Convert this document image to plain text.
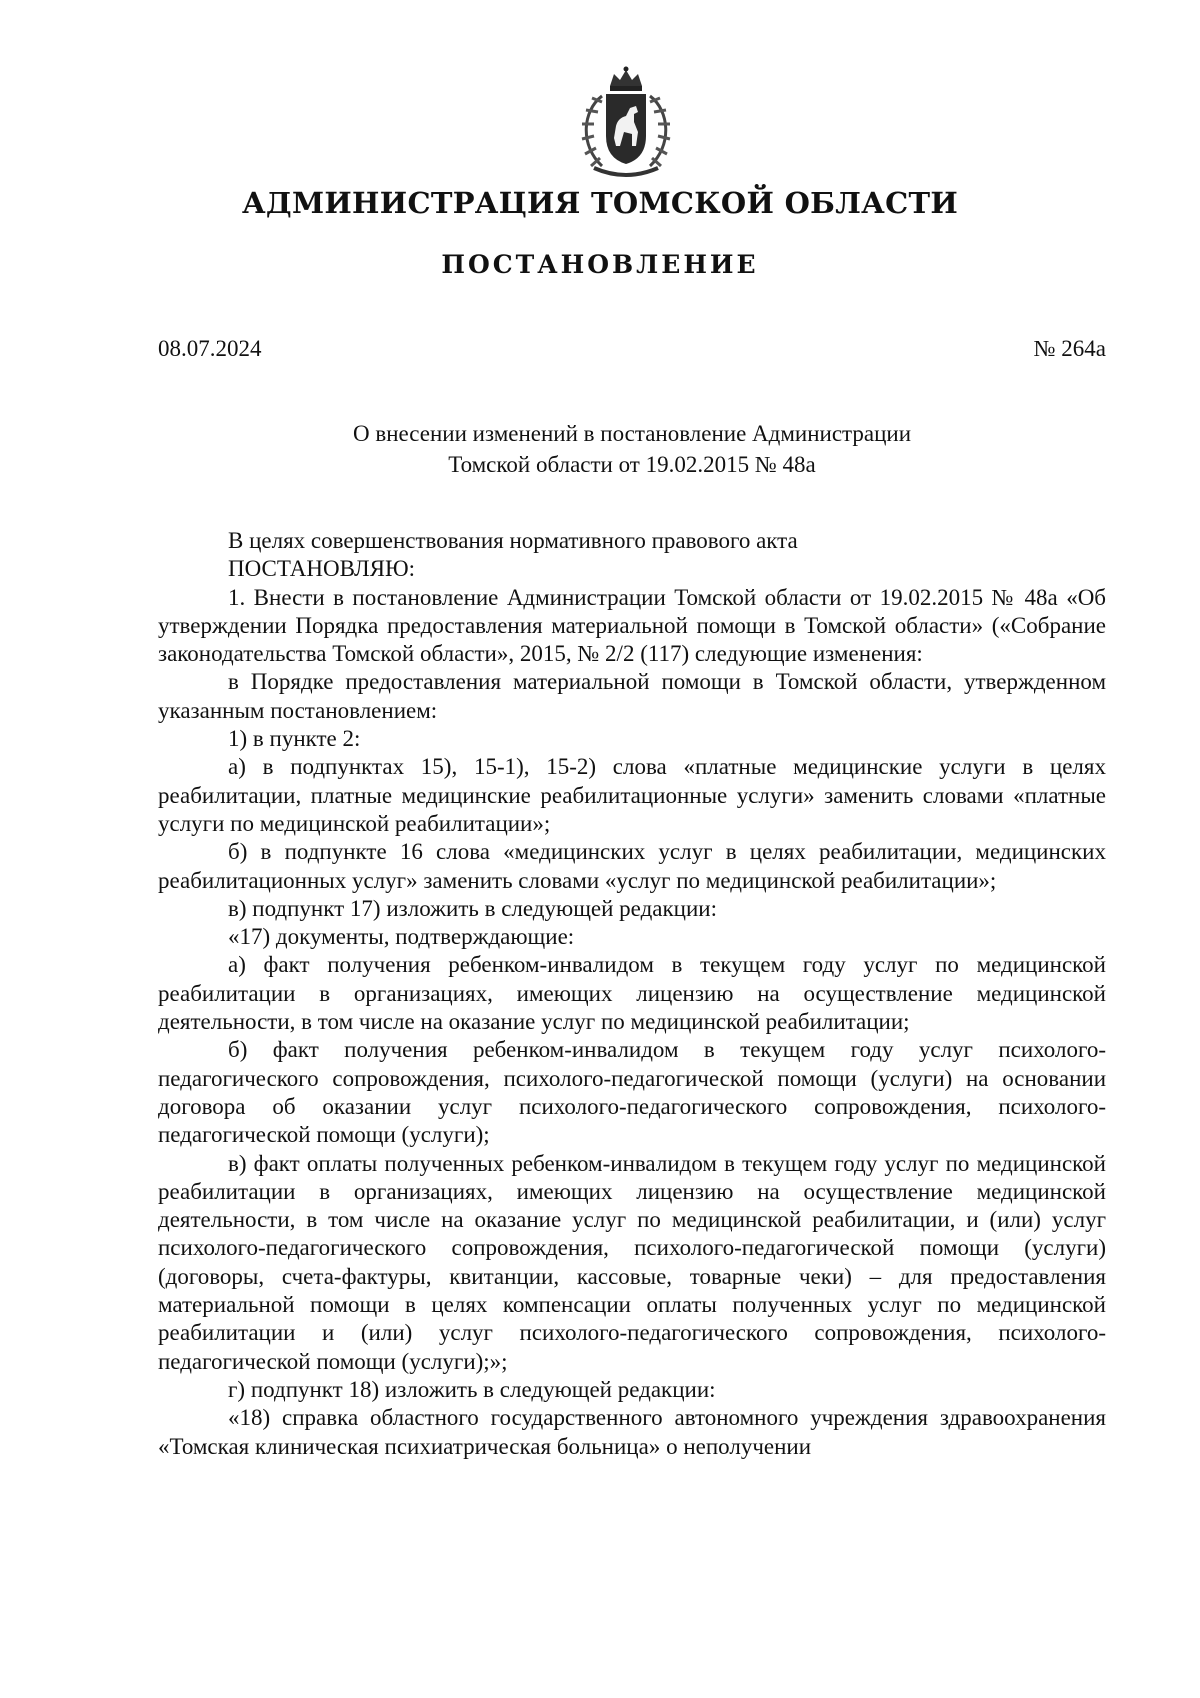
АДМИНИСТРАЦИЯ ТОМСКОЙ ОБЛАСТИ
ПОСТАНОВЛЕНИЕ
08.07.2024	№ 264а
О внесении изменений в постановление Администрации
Томской области от 19.02.2015 № 48а

В целях совершенствования нормативного правового акта

ПОСТАНОВЛЯЮ:

1. Внести в постановление Администрации Томской области от 19.02.2015 № 48а «Об утверждении Порядка предоставления материальной помощи в Томской области» («Собрание законодательства Томской области», 2015, № 2/2 (117) следующие изменения:

в Порядке предоставления материальной помощи в Томской области, утвержденном указанным постановлением:

1) в пункте 2:

а) в подпунктах 15), 15-1), 15-2) слова «платные медицинские услуги в целях реабилитации, платные медицинские реабилитационные услуги» заменить словами «платные услуги по медицинской реабилитации»;

б) в подпункте 16 слова «медицинских услуг в целях реабилитации, медицинских реабилитационных услуг» заменить словами «услуг по медицинской реабилитации»;

в) подпункт 17) изложить в следующей редакции:

«17) документы, подтверждающие:

а) факт получения ребенком-инвалидом в текущем году услуг по медицинской реабилитации в организациях, имеющих лицензию на осуществление медицинской деятельности, в том числе на оказание услуг по медицинской реабилитации;

б) факт получения ребенком-инвалидом в текущем году услуг психолого-педагогического сопровождения, психолого-педагогической помощи (услуги) на основании договора об оказании услуг психолого-педагогического сопровождения, психолого-педагогической помощи (услуги);

в) факт оплаты полученных ребенком-инвалидом в текущем году услуг по медицинской реабилитации в организациях, имеющих лицензию на осуществление медицинской деятельности, в том числе на оказание услуг по медицинской реабилитации, и (или) услуг психолого-педагогического сопровождения, психолого-педагогической помощи (услуги) (договоры, счета-фактуры, квитанции, кассовые, товарные чеки) – для предоставления материальной помощи в целях компенсации оплаты полученных услуг по медицинской реабилитации и (или) услуг психолого-педагогического сопровождения, психолого-педагогической помощи (услуги);»;

г) подпункт 18) изложить в следующей редакции:

«18) справка областного государственного автономного учреждения здравоохранения «Томская клиническая психиатрическая больница» о неполучении
